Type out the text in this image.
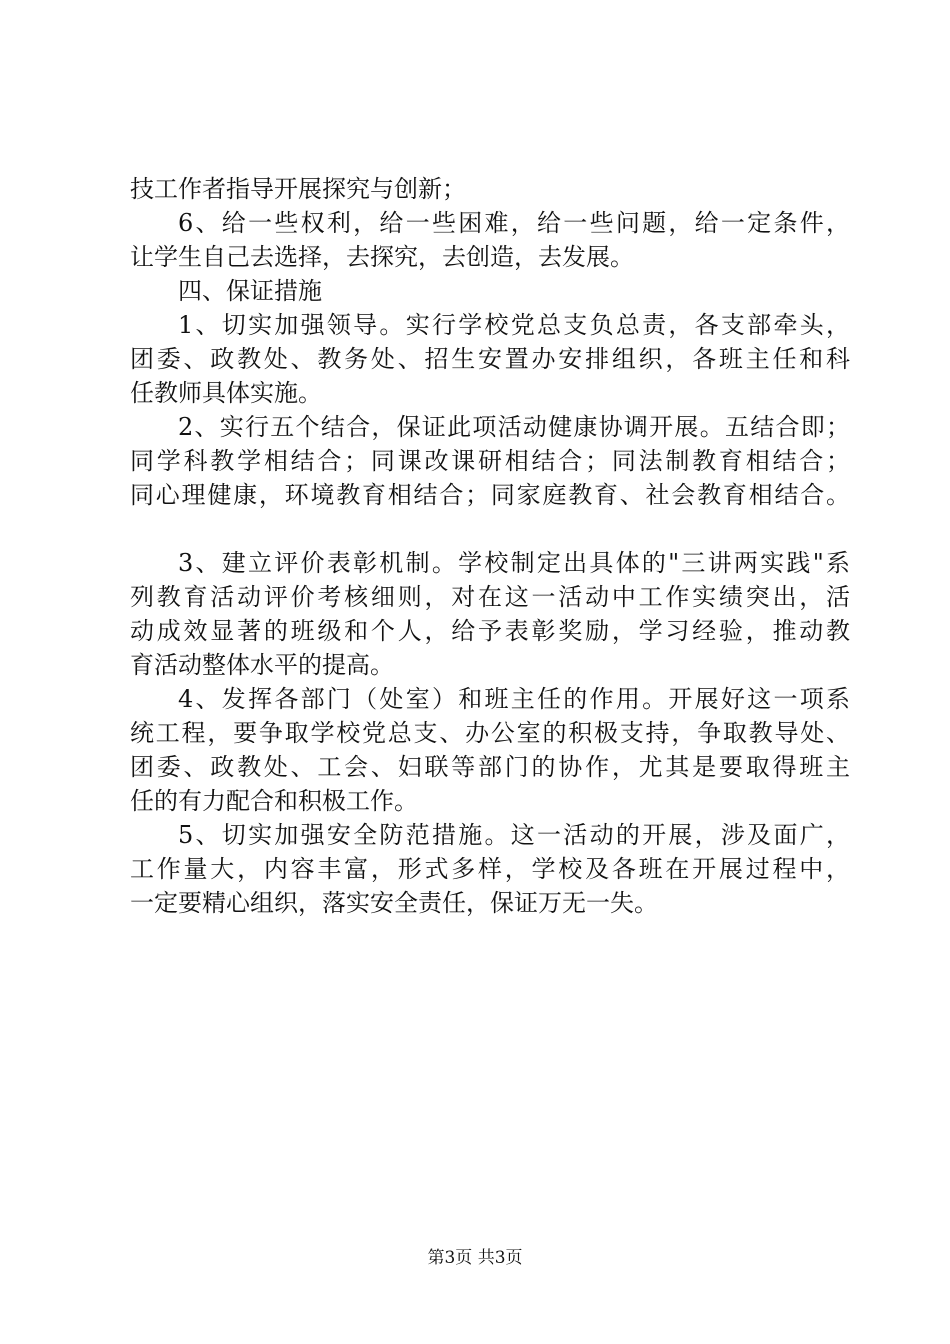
技工作者指导开展探究与创新；
6、给一些权利，给一些困难，给一些问题，给一定条件，
让学生自己去选择，去探究，去创造，去发展。
四、保证措施
1、切实加强领导。实行学校党总支负总责，各支部牵头，
团委、政教处、教务处、招生安置办安排组织，各班主任和科
任教师具体实施。
2、实行五个结合，保证此项活动健康协调开展。五结合即；
同学科教学相结合；同课改课研相结合；同法制教育相结合；
同心理健康，环境教育相结合；同家庭教育、社会教育相结合。
3、建立评价表彰机制。学校制定出具体的"三讲两实践"系
列教育活动评价考核细则，对在这一活动中工作实绩突出，活
动成效显著的班级和个人，给予表彰奖励，学习经验，推动教
育活动整体水平的提高。
4、发挥各部门（处室）和班主任的作用。开展好这一项系
统工程，要争取学校党总支、办公室的积极支持，争取教导处、
团委、政教处、工会、妇联等部门的协作，尤其是要取得班主
任的有力配合和积极工作。
5、切实加强安全防范措施。这一活动的开展，涉及面广，
工作量大，内容丰富，形式多样，学校及各班在开展过程中，
一定要精心组织，落实安全责任，保证万无一失。
第3页 共3页
